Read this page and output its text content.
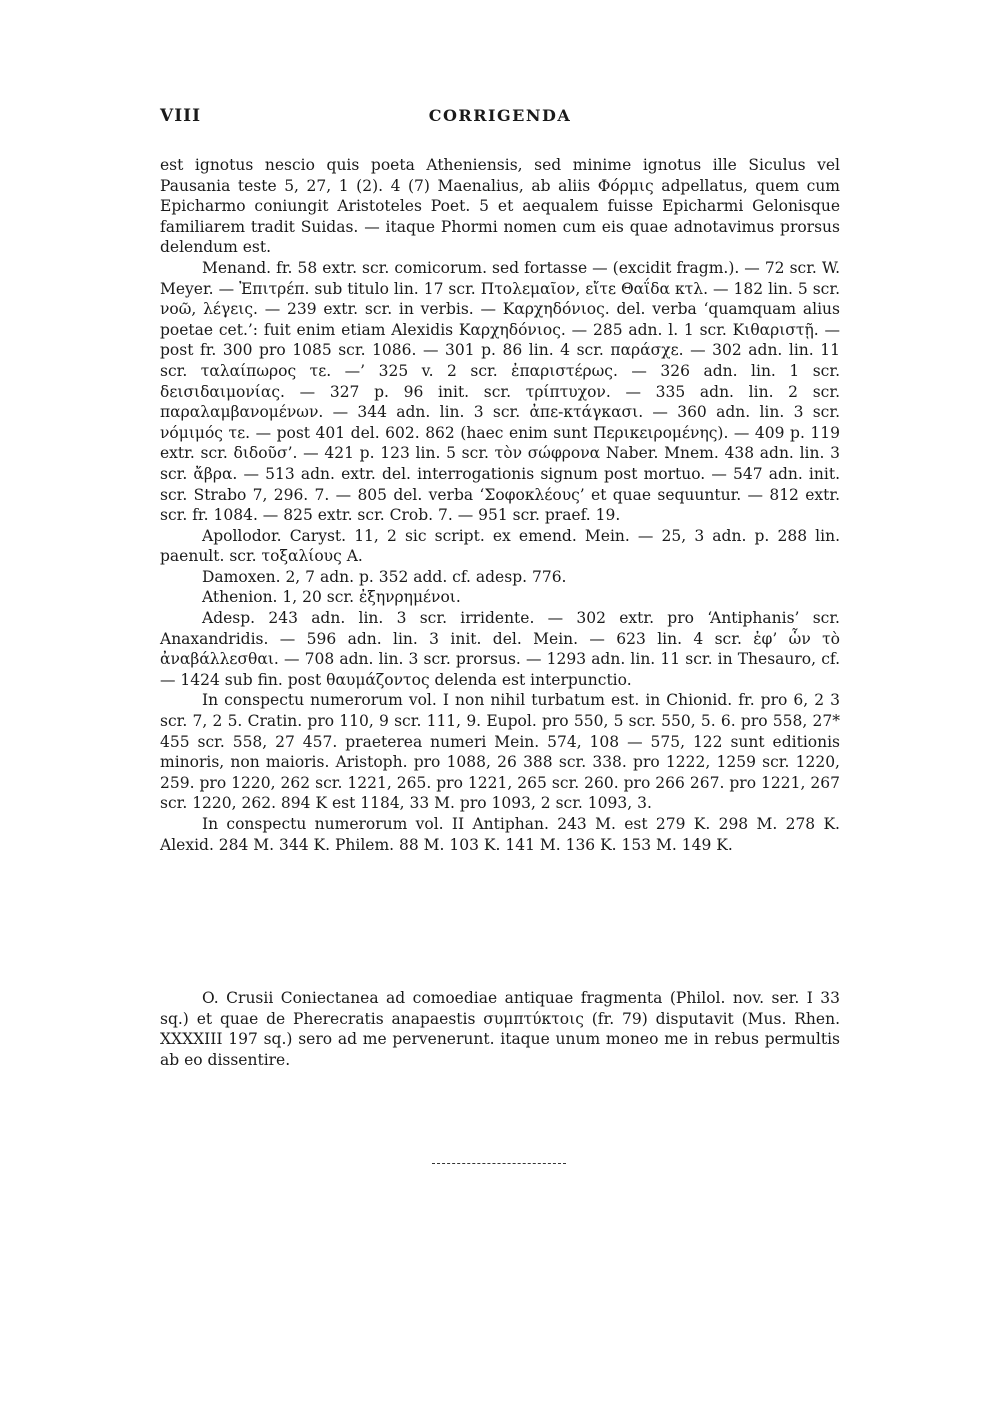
CORRIGENDA
VIII

est ignotus nescio quis poeta Atheniensis, sed minime ignotus ille Siculus vel Pausania teste 5, 27, 1 (2). 4 (7) Maenalius, ab aliis Φόρμις adpellatus, quem cum Epicharmo coniungit Aristoteles Poet. 5 et aequalem fuisse Epicharmi Gelonisque familiarem tradit Suidas. — itaque Phormi nomen cum eis quae adnotavimus prorsus delendum est.

Menand. fr. 58 extr. scr. comicorum. sed fortasse — (excidit fragm.). — 72 scr. W. Meyer. — Ἐπιτρέπ. sub titulo lin. 17 scr. Πτολεμαῖον, εἴτε Θαΐδα κτλ. — 182 lin. 5 scr. νοῶ, λέγεις. — 239 extr. scr. in verbis. — Καρχηδόνιος. del. verba ‘quamquam alius poetae cet.’: fuit enim etiam Alexidis Καρχηδόνιος. — 285 adn. l. 1 scr. Κιθαριστῇ. — post fr. 300 pro 1085 scr. 1086. — 301 p. 86 lin. 4 scr. παράσχε. — 302 adn. lin. 11 scr. ταλαίπωρος τε. —’ 325 v. 2 scr. ἐπαριστέρως. — 326 adn. lin. 1 scr. δεισιδαιμονίας. — 327 p. 96 init. scr. τρίπτυχον. — 335 adn. lin. 2 scr. παραλαμβανομένων. — 344 adn. lin. 3 scr. ἀπε-κτάγκασι. — 360 adn. lin. 3 scr. νόμιμός τε. — post 401 del. 602. 862 (haec enim sunt Περικειρομένης). — 409 p. 119 extr. scr. διδοῦσ’. — 421 p. 123 lin. 5 scr. τὸν σώφρονα Naber. Mnem. 438 adn. lin. 3 scr. ἄβρα. — 513 adn. extr. del. interrogationis signum post mortuo. — 547 adn. init. scr. Strabo 7, 296. 7. — 805 del. verba ‘Σοφοκλέους’ et quae sequuntur. — 812 extr. scr. fr. 1084. — 825 extr. scr. Crob. 7. — 951 scr. praef. 19.

Apollodor. Caryst. 11, 2 sic script. ex emend. Mein. — 25, 3 adn. p. 288 lin. paenult. scr. τοξαλίους A.

Damoxen. 2, 7 adn. p. 352 add. cf. adesp. 776.

Athenion. 1, 20 scr. ἐξηνρημένοι.

Adesp. 243 adn. lin. 3 scr. irridente. — 302 extr. pro ‘Antiphanis’ scr. Anaxandridis. — 596 adn. lin. 3 init. del. Mein. — 623 lin. 4 scr. ἐφ’ ὧν τὸ ἀναβάλλεσθαι. — 708 adn. lin. 3 scr. prorsus. — 1293 adn. lin. 11 scr. in Thesauro, cf. — 1424 sub fin. post θαυμάζοντος delenda est interpunctio.

In conspectu numerorum vol. I non nihil turbatum est. in Chionid. fr. pro 6, 2 3 scr. 7, 2 5. Cratin. pro 110, 9 scr. 111, 9. Eupol. pro 550, 5 scr. 550, 5. 6. pro 558, 27* 455 scr. 558, 27 457. praeterea numeri Mein. 574, 108 — 575, 122 sunt editionis minoris, non maioris. Aristoph. pro 1088, 26 388 scr. 338. pro 1222, 1259 scr. 1220, 259. pro 1220, 262 scr. 1221, 265. pro 1221, 265 scr. 260. pro 266 267. pro 1221, 267 scr. 1220, 262. 894 K est 1184, 33 M. pro 1093, 2 scr. 1093, 3.

In conspectu numerorum vol. II Antiphan. 243 M. est 279 K. 298 M. 278 K. Alexid. 284 M. 344 K. Philem. 88 M. 103 K. 141 M. 136 K. 153 M. 149 K.

O. Crusii Coniectanea ad comoediae antiquae fragmenta (Philol. nov. ser. I 33 sq.) et quae de Pherecratis anapaestis συμπτύκτοις (fr. 79) disputavit (Mus. Rhen. XXXXIII 197 sq.) sero ad me pervenerunt. itaque unum moneo me in rebus permultis ab eo dissentire.
